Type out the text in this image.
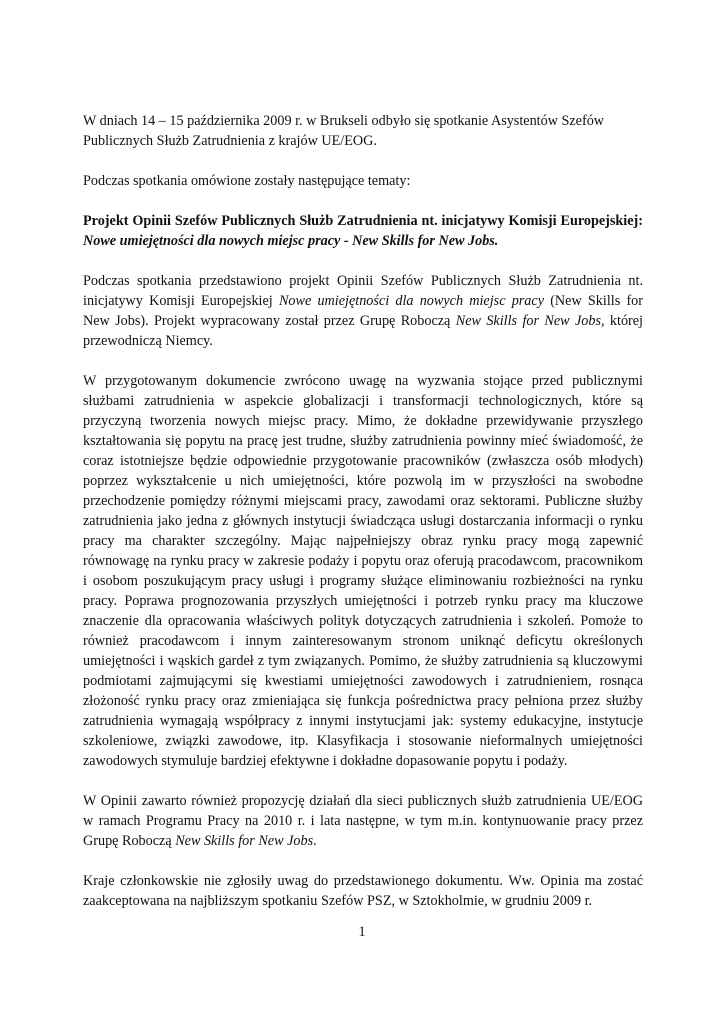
W dniach 14 – 15 października 2009 r. w Brukseli odbyło się spotkanie Asystentów Szefów Publicznych Służb Zatrudnienia z krajów UE/EOG.

Podczas spotkania omówione zostały następujące tematy:

Projekt Opinii Szefów Publicznych Służb Zatrudnienia nt. inicjatywy Komisji Europejskiej: Nowe umiejętności dla nowych miejsc pracy - New Skills for New Jobs.

Podczas spotkania przedstawiono projekt Opinii Szefów Publicznych Służb Zatrudnienia nt. inicjatywy Komisji Europejskiej Nowe umiejętności dla nowych miejsc pracy (New Skills for New Jobs). Projekt wypracowany został przez Grupę Roboczą New Skills for New Jobs, której przewodniczą Niemcy.

W przygotowanym dokumencie zwrócono uwagę na wyzwania stojące przed publicznymi służbami zatrudnienia w aspekcie globalizacji i transformacji technologicznych, które są przyczyną tworzenia nowych miejsc pracy. Mimo, że dokładne przewidywanie przyszłego kształtowania się popytu na pracę jest trudne, służby zatrudnienia powinny mieć świadomość, że coraz istotniejsze będzie odpowiednie przygotowanie pracowników (zwłaszcza osób młodych) poprzez wykształcenie u nich umiejętności, które pozwolą im w przyszłości na swobodne przechodzenie pomiędzy różnymi miejscami pracy, zawodami oraz sektorami. Publiczne służby zatrudnienia jako jedna z głównych instytucji świadcząca usługi dostarczania informacji o rynku pracy ma charakter szczególny. Mając najpełniejszy obraz rynku pracy mogą zapewnić równowagę na rynku pracy w zakresie podaży i popytu oraz oferują pracodawcom, pracownikom i osobom poszukującym pracy usługi i programy służące eliminowaniu rozbieżności na rynku pracy. Poprawa prognozowania przyszłych umiejętności i potrzeb rynku pracy ma kluczowe znaczenie dla opracowania właściwych polityk dotyczących zatrudnienia i szkoleń. Pomoże to również pracodawcom i innym zainteresowanym stronom uniknąć deficytu określonych umiejętności i wąskich gardeł z tym związanych. Pomimo, że służby zatrudnienia są kluczowymi podmiotami zajmującymi się kwestiami umiejętności zawodowych i zatrudnieniem, rosnąca złożoność rynku pracy oraz zmieniająca się funkcja pośrednictwa pracy pełniona przez służby zatrudnienia wymagają współpracy z innymi instytucjami jak: systemy edukacyjne, instytucje szkoleniowe, związki zawodowe, itp. Klasyfikacja i stosowanie nieformalnych umiejętności zawodowych stymuluje bardziej efektywne i dokładne dopasowanie popytu i podaży.

W Opinii zawarto również propozycję działań dla sieci publicznych służb zatrudnienia UE/EOG w ramach Programu Pracy na 2010 r. i lata następne, w tym m.in. kontynuowanie pracy przez Grupę Roboczą New Skills for New Jobs.

Kraje członkowskie nie zgłosiły uwag do przedstawionego dokumentu. Ww. Opinia ma zostać zaakceptowana na najbliższym spotkaniu Szefów PSZ, w Sztokholmie, w grudniu 2009 r.

1
